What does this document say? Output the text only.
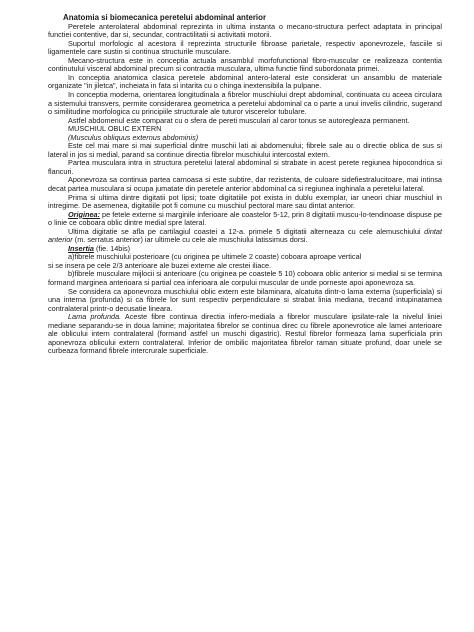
Anatomia si biomecanica peretelui abdominal anterior

Peretele anterolateral abdominal reprezinta in ultima instanta o mecano-structura perfect adaptata in principal functiei contentive, dar si, secundar, contractilitatii si activitatii motorii.

Suportul morfologic al acestora il reprezinta structurile fibroase parietale, respectiv aponevrozele, fasciile si ligamentele care sustin si continua structurile musculare.

Mecano-structura este in conceptia actuala ansamblul morfofunctional fibro-muscular ce realizeaza contentia continutului visceral abdominal precum si contractia musculara, ultima functie fiind subordonata primei.

In conceptia anatomica clasica peretele abdominal antero-lateral este considerat un ansamblu de materiale organizate "in jiletca", incheiata in fata si intarita cu o chinga inextensibila la pulpane.

In conceptia moderna, orientarea longitudinala a fibrelor muschiului drept abdominal, continuata cu aceea circulara a sistemului transvers, permite considerarea geometrica a peretelui abdominal ca o parte a unui invelis cilindric, sugerand o similitudine morfologica cu principiile structurale ale tuturor viscerelor tubulare.

Astfel abdomenul este comparat cu o sfera de pereti musculari al caror tonus se autoregleaza permanent.

MUSCHIUL OBLIC EXTERN
(Musculus obliquus externus abdominis)

Este cel mai mare si mai superficial dintre muschii lati ai abdomenului; fibrele sale au o directie oblica de sus si lateral in jos si medial, parand sa continue directia fibrelor muschiului intercostal extern.

Partea musculara intra in structura peretelui lateral abdominal si strabate in acest perete regiunea hipocondrica si flancuri.

Aponevroza sa continua partea carnoasa si este subtire, dar rezistenta, de culoare sidefiestralucitoare, mai intinsa decat partea musculara si ocupa jumatate din peretele anterior abdominal ca si regiunea inghinala a peretelui lateral.

Prima si ultima dintre digitatii pot lipsi; toate digitatiile pot exista in dublu exemplar, iar uneori chiar muschiul in intregime. De asemenea, digitatiile pot fi comune cu muschiul pectoral mare sau dintat anterior.

Originea: pe fetele externe si marginile inferioare ale coastelor 5-12, prin 8 digitatii muscu-lo-tendinoase dispuse pe o linie ce coboara oblic dintre medial spre lateral.

Ultima digitatie se afla pe cartilagiul coastei a 12-a. primele 5 digitatii alterneaza cu cele alemuschiului dintat anterior (m. serratus anterior) iar ultimele cu cele ale muschiului latissimus dorsi.

Insertia (fie. 14bis)

a)fibrele muschiului posterioare (cu originea pe ultimele 2 coaste) coboara aproape vertical

si se insera pe cele 2/3 anterioare ale buzei externe ale crestei iliace.

b)fibrele musculare mijlocii si anterioare (cu originea pe coastele 5 10) coboara oblic anterior si medial si se termina formand marginea anterioara si partial cea inferioara ale corpului muscular de unde porneste apoi aponevroza sa.

Se considera ca aponevroza muschiului oblic extern este bilaminara, alcatuita dintr-o lama externa (superficiala) si una interna (profunda) si ca fibrele lor sunt respectiv perpendiculare si strabat linia mediana, trecand intupinatamea contralateral printr-o decusatie lineara.

Lama profunda. Aceste fibre continua directia infero-mediala a fibrelor musculare ipsilate-rale la nivelul liniei mediane separandu-se in doua lamine; majoritatea fibrelor se continua direc cu fibrele aponevrotice ale lamei anterioare ale oblicului intern contralateral (formand astfel un muschi digastric). Restul fibrelor formeaza lama superficiala prin aponevroza oblicului extern contralateral. Inferior de ombilic majoritatea fibrelor raman situate profund, doar unele se curbeaza formand fibrele intercrurale superficiale.
